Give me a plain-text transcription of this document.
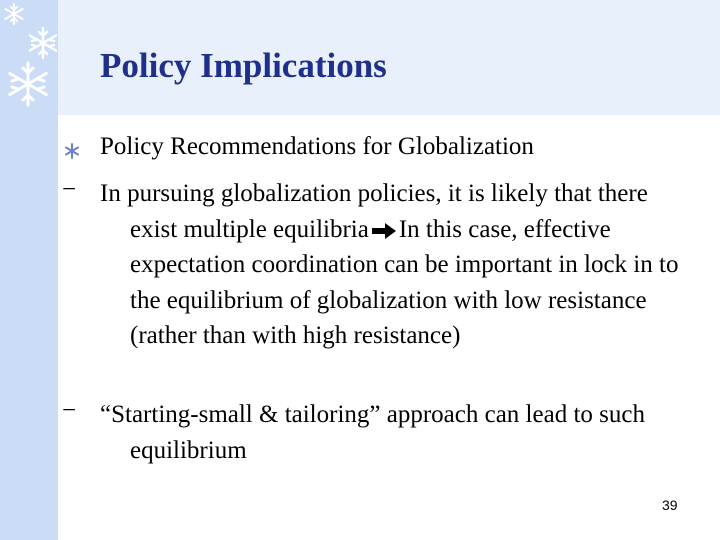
Policy Implications
Policy Recommendations for Globalization
− In pursuing globalization policies, it is likely that there exist multiple equilibria In this case, effective expectation coordination can be important in lock in to the equilibrium of globalization with low resistance (rather than with high resistance)
− “Starting-small & tailoring” approach can lead to such equilibrium
39
